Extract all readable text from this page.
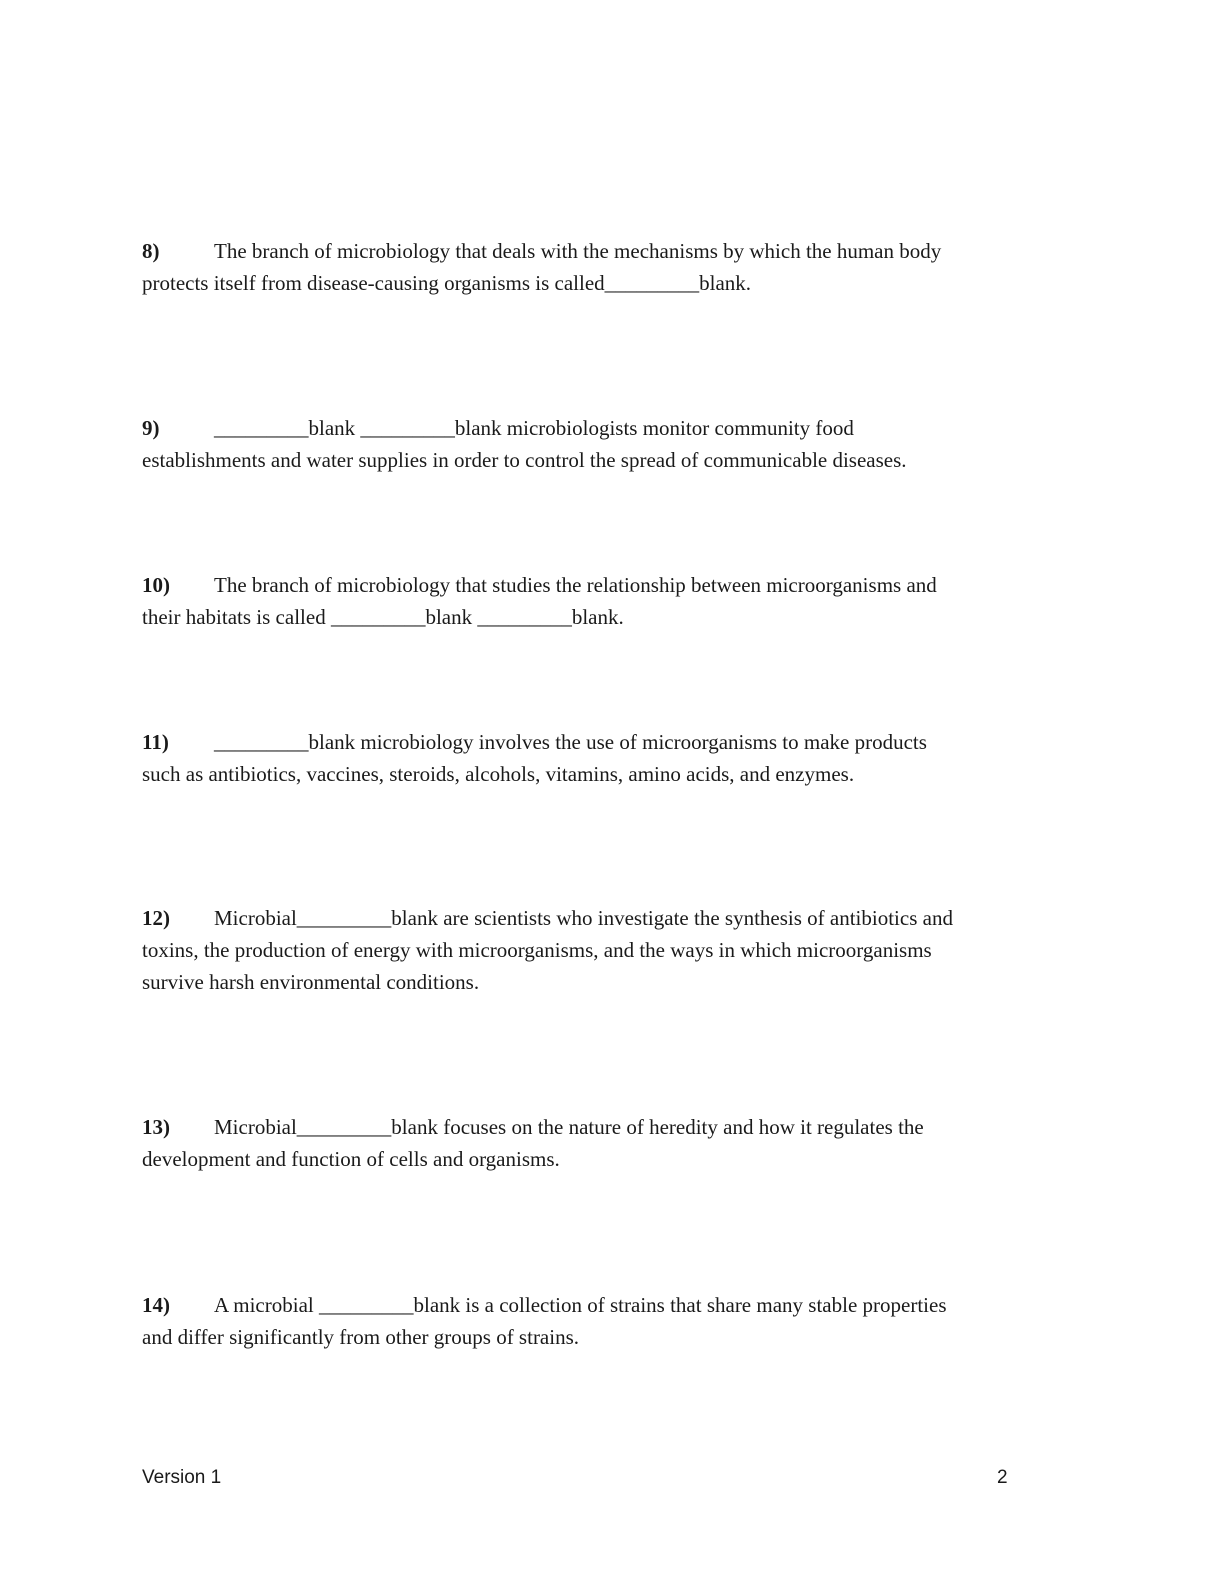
8)	The branch of microbiology that deals with the mechanisms by which the human body
protects itself from disease-causing organisms is called_________blank.
9)	_________blank _________blank microbiologists monitor community food
establishments and water supplies in order to control the spread of communicable diseases.
10) The branch of microbiology that studies the relationship between microorganisms and
their habitats is called _________blank _________blank.
11) _________blank microbiology involves the use of microorganisms to make products
such as antibiotics, vaccines, steroids, alcohols, vitamins, amino acids, and enzymes.
12) Microbial_________blank are scientists who investigate the synthesis of antibiotics and
toxins, the production of energy with microorganisms, and the ways in which microorganisms
survive harsh environmental conditions.
13) Microbial_________blank focuses on the nature of heredity and how it regulates the
development and function of cells and organisms.
14) A microbial _________blank is a collection of strains that share many stable properties
and differ significantly from other groups of strains.
Version 1	2
